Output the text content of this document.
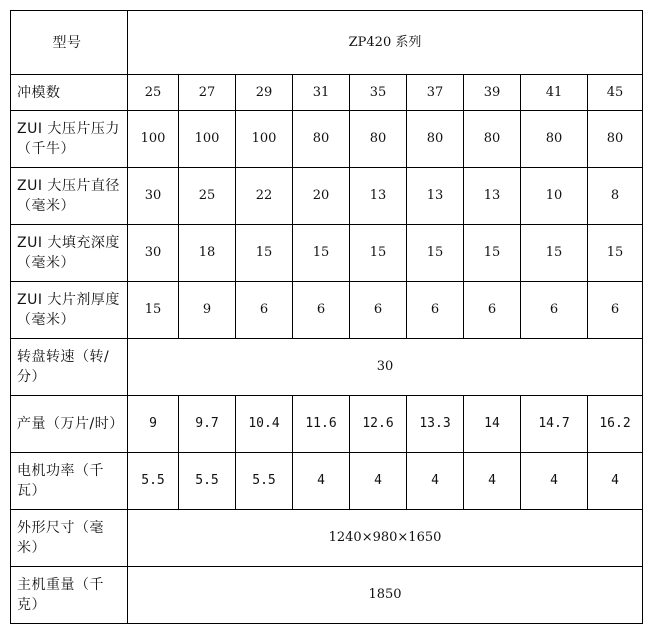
型号	ZP420 系列								
冲模数	25	27	29	31	35	37	39	41	45
ZUI 大压片压力（千牛）	100	100	100	80	80	80	80	80	80
ZUI 大压片直径 （毫米）	30	25	22	20	13	13	13	10	8
ZUI 大填充深度（毫米）	30	18	15	15	15	15	15	15	15
ZUI 大片剂厚度 （毫米）	15	9	6	6	6	6	6	6	6
转盘转速（转/分）	30								
产量（万片/时）	9	9.7	10.4	11.6	12.6	13.3	14	14.7	16.2
电机功率（千瓦）	5.5	5.5	5.5	4	4	4	4	4	4
外形尺寸（毫米）	1240×980×1650								
主机重量（千克）	1850								
